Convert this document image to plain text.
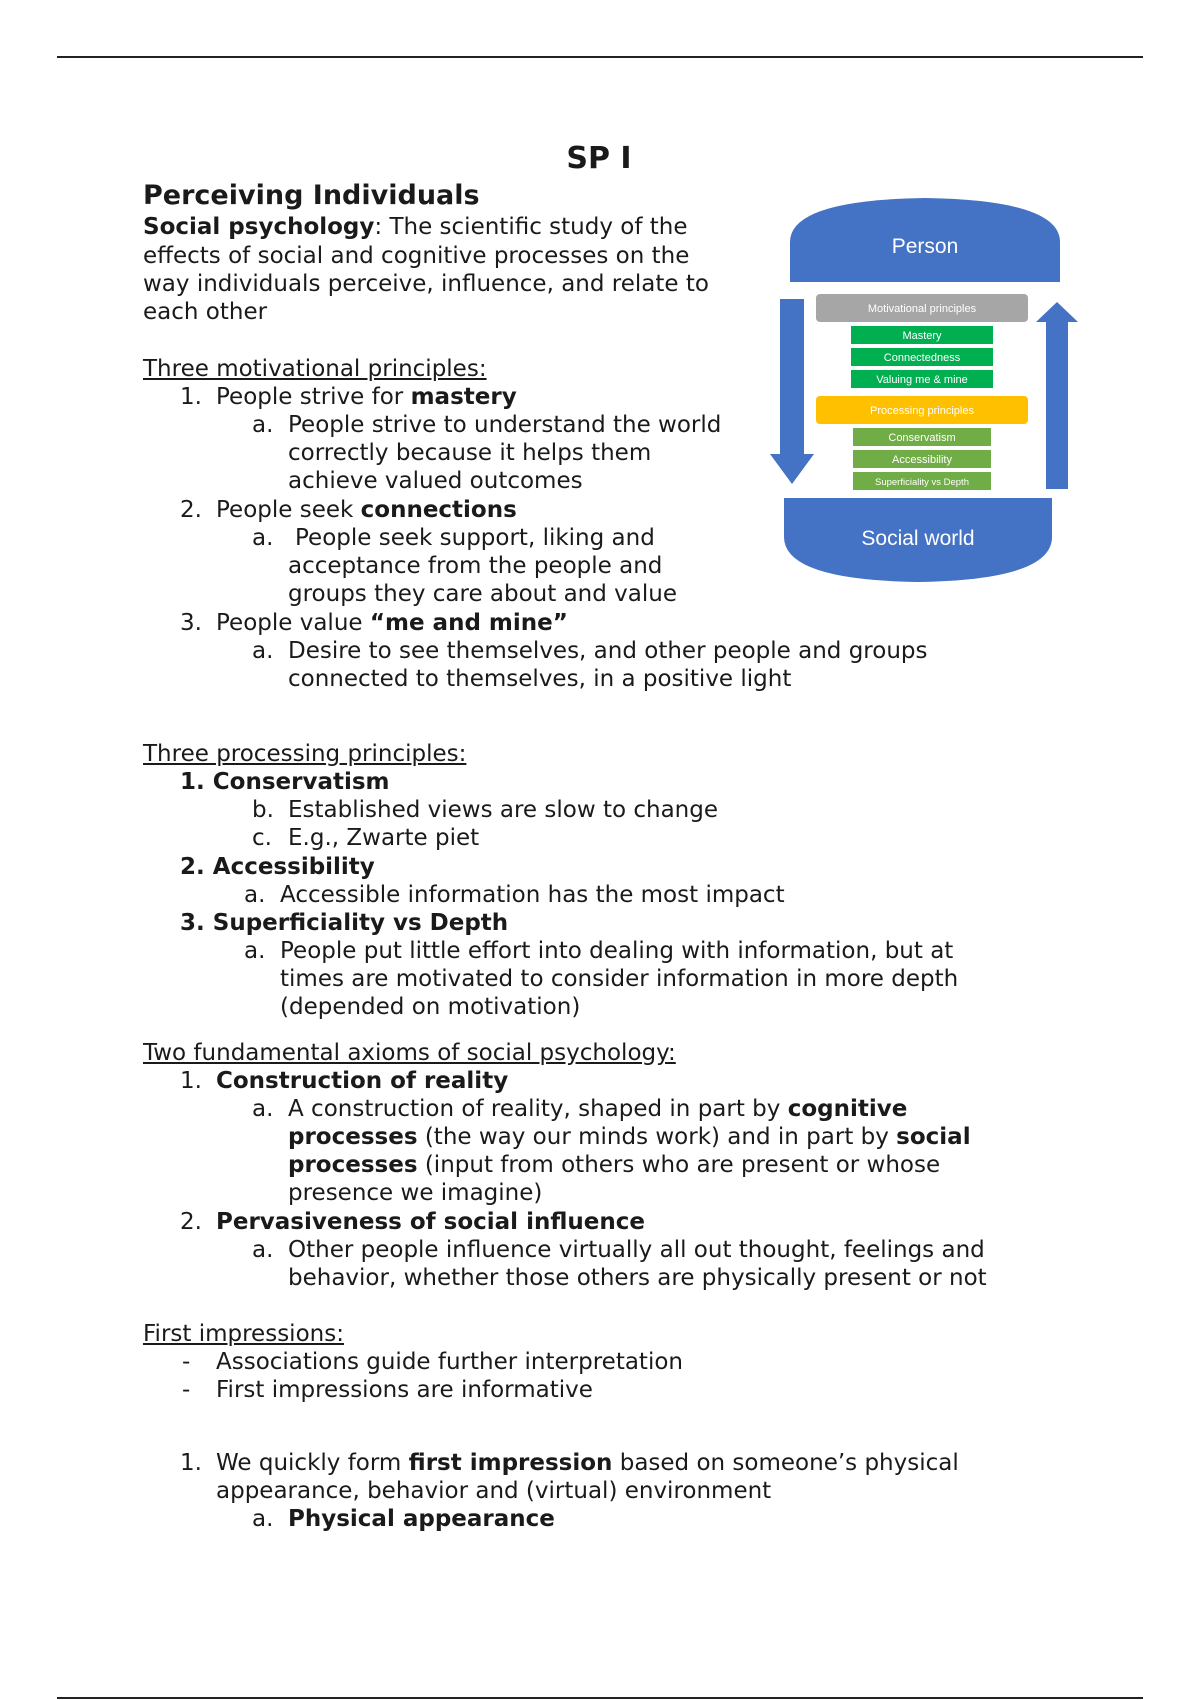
SP I
Perceiving Individuals
Social psychology: The scientific study of the
effects of social and cognitive processes on the
way individuals perceive, influence, and relate to
each other
Three motivational principles:
1. People strive for mastery
a. People strive to understand the world
correctly because it helps them
achieve valued outcomes
2. People seek connections
a. People seek support, liking and
acceptance from the people and
groups they care about and value
3. People value “me and mine”
a. Desire to see themselves, and other people and groups
connected to themselves, in a positive light
Three processing principles:
1. Conservatism
b. Established views are slow to change
c. E.g., Zwarte piet
2. Accessibility
a. Accessible information has the most impact
3. Superficiality vs Depth
a. People put little effort into dealing with information, but at
times are motivated to consider information in more depth
(depended on motivation)
Two fundamental axioms of social psychology:
1. Construction of reality
a. A construction of reality, shaped in part by cognitive
processes (the way our minds work) and in part by social
processes (input from others who are present or whose
presence we imagine)
2. Pervasiveness of social influence
a. Other people influence virtually all out thought, feelings and
behavior, whether those others are physically present or not
First impressions:
- Associations guide further interpretation
- First impressions are informative
1. We quickly form first impression based on someone’s physical
appearance, behavior and (virtual) environment
a. Physical appearance
Person
Motivational principles
Mastery
Connectedness
Valuing me & mine
Processing principles
Conservatism
Accessibility
Superficiality vs Depth
Social world
